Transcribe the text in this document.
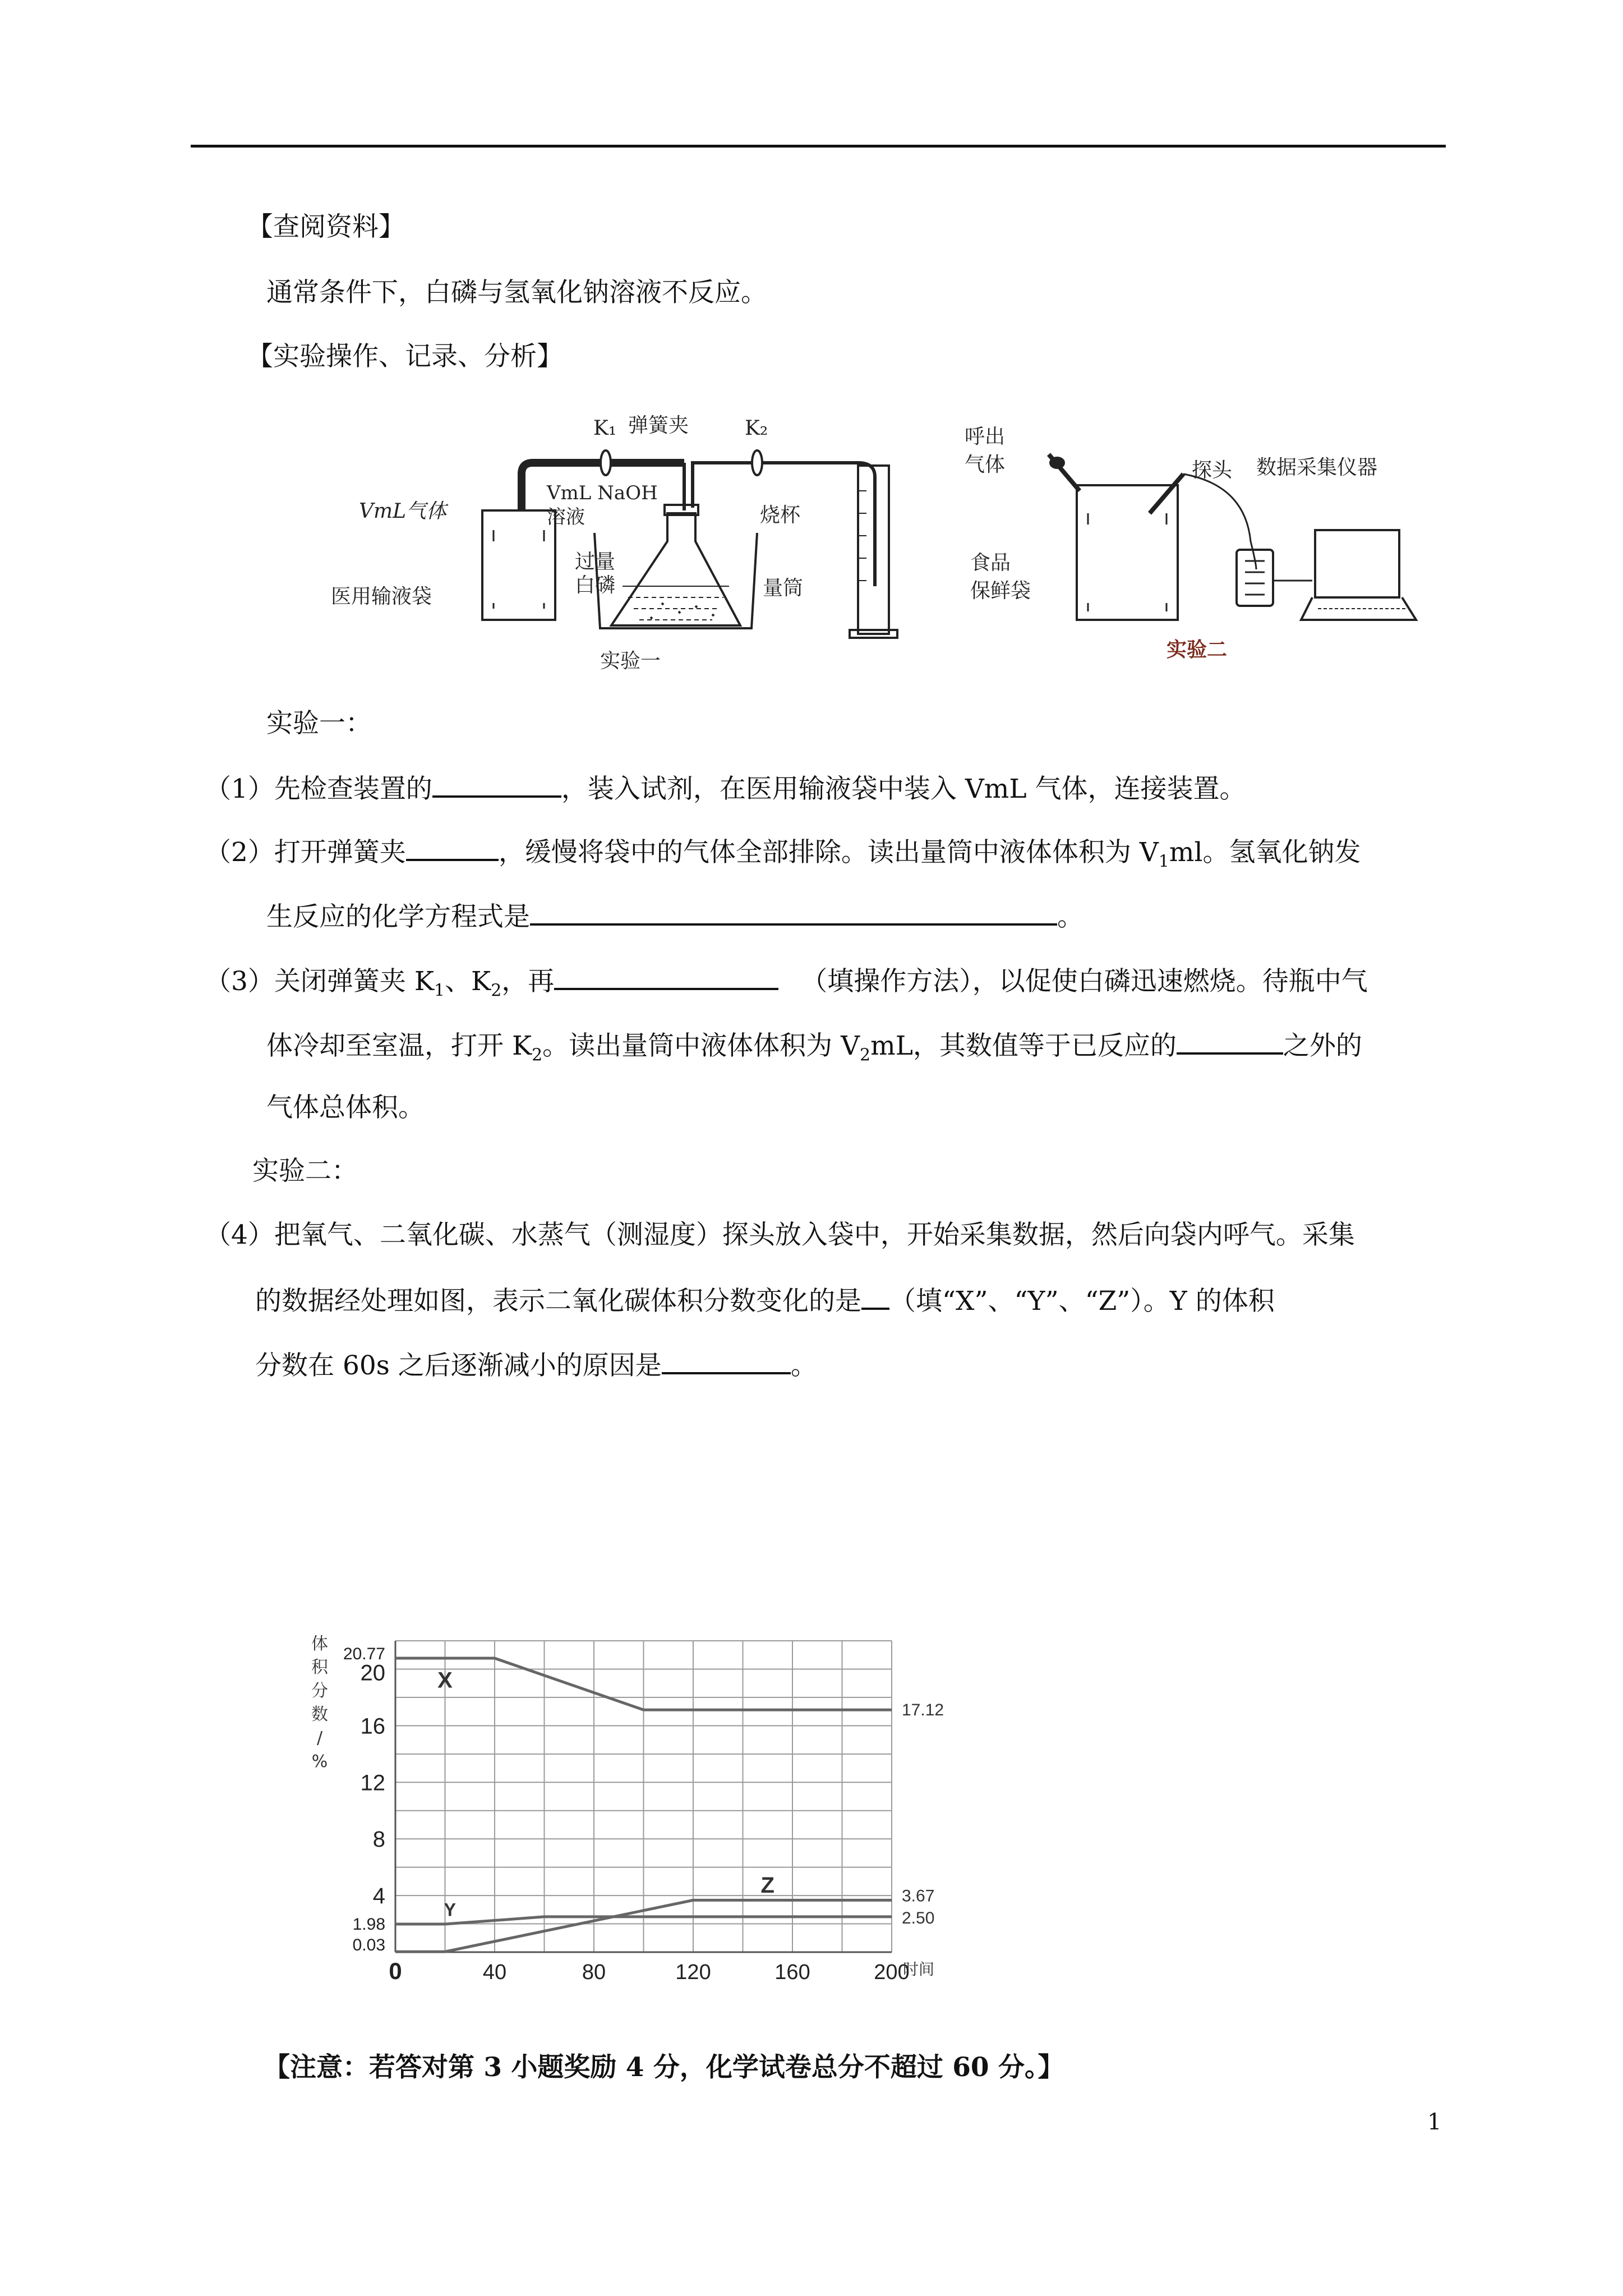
【查阅资料】
通常条件下，白磷与氢氧化钠溶液不反应。
【实验操作、记录、分析】
K₁ 弹簧夹	K₂
VmL气体
VmL NaOH
溶液	烧杯
过量
白磷
医用输液袋	量筒
实验一
呼出
气体	探头 数据采集仪器
食品
保鲜袋
实验二
实验一：
（1）先检查装置的	，装入试剂，在医用输液袋中装入 VmL 气体，连接装置。
（2）打开弹簧夹	，缓慢将袋中的气体全部排除。读出量筒中液体体积为 $V_1ml$。氢氧化钠发
生反应的化学方程式是	。
（3）关闭弹簧夹 $K_1$、$K_2$，再	（填操作方法），以促使白磷迅速燃烧。待瓶中气
体冷却至室温，打开 $K_2$。读出量筒中液体体积为 $V_2mL$，其数值等于已反应的	之外的
气体总体积。
实验二：
（4）把氧气、二氧化碳、水蒸气（测湿度）探头放入袋中，开始采集数据，然后向袋内呼气。采集
的数据经处理如图，表示二氧化碳体积分数变化的是 （填“X”、“Y”、“Z”）。Y 的体积
分数在 60s 之后逐渐减小的原因是	。
0	40	80	120	160	200
时间
0.03
1.98
4
8
12
16
20
20.77
体
积
分
数
/
%
17.12
2.50
3.67
X
Y
Z
【注意：若答对第 3 小题奖励 4 分，化学试卷总分不超过 60 分。】
1
